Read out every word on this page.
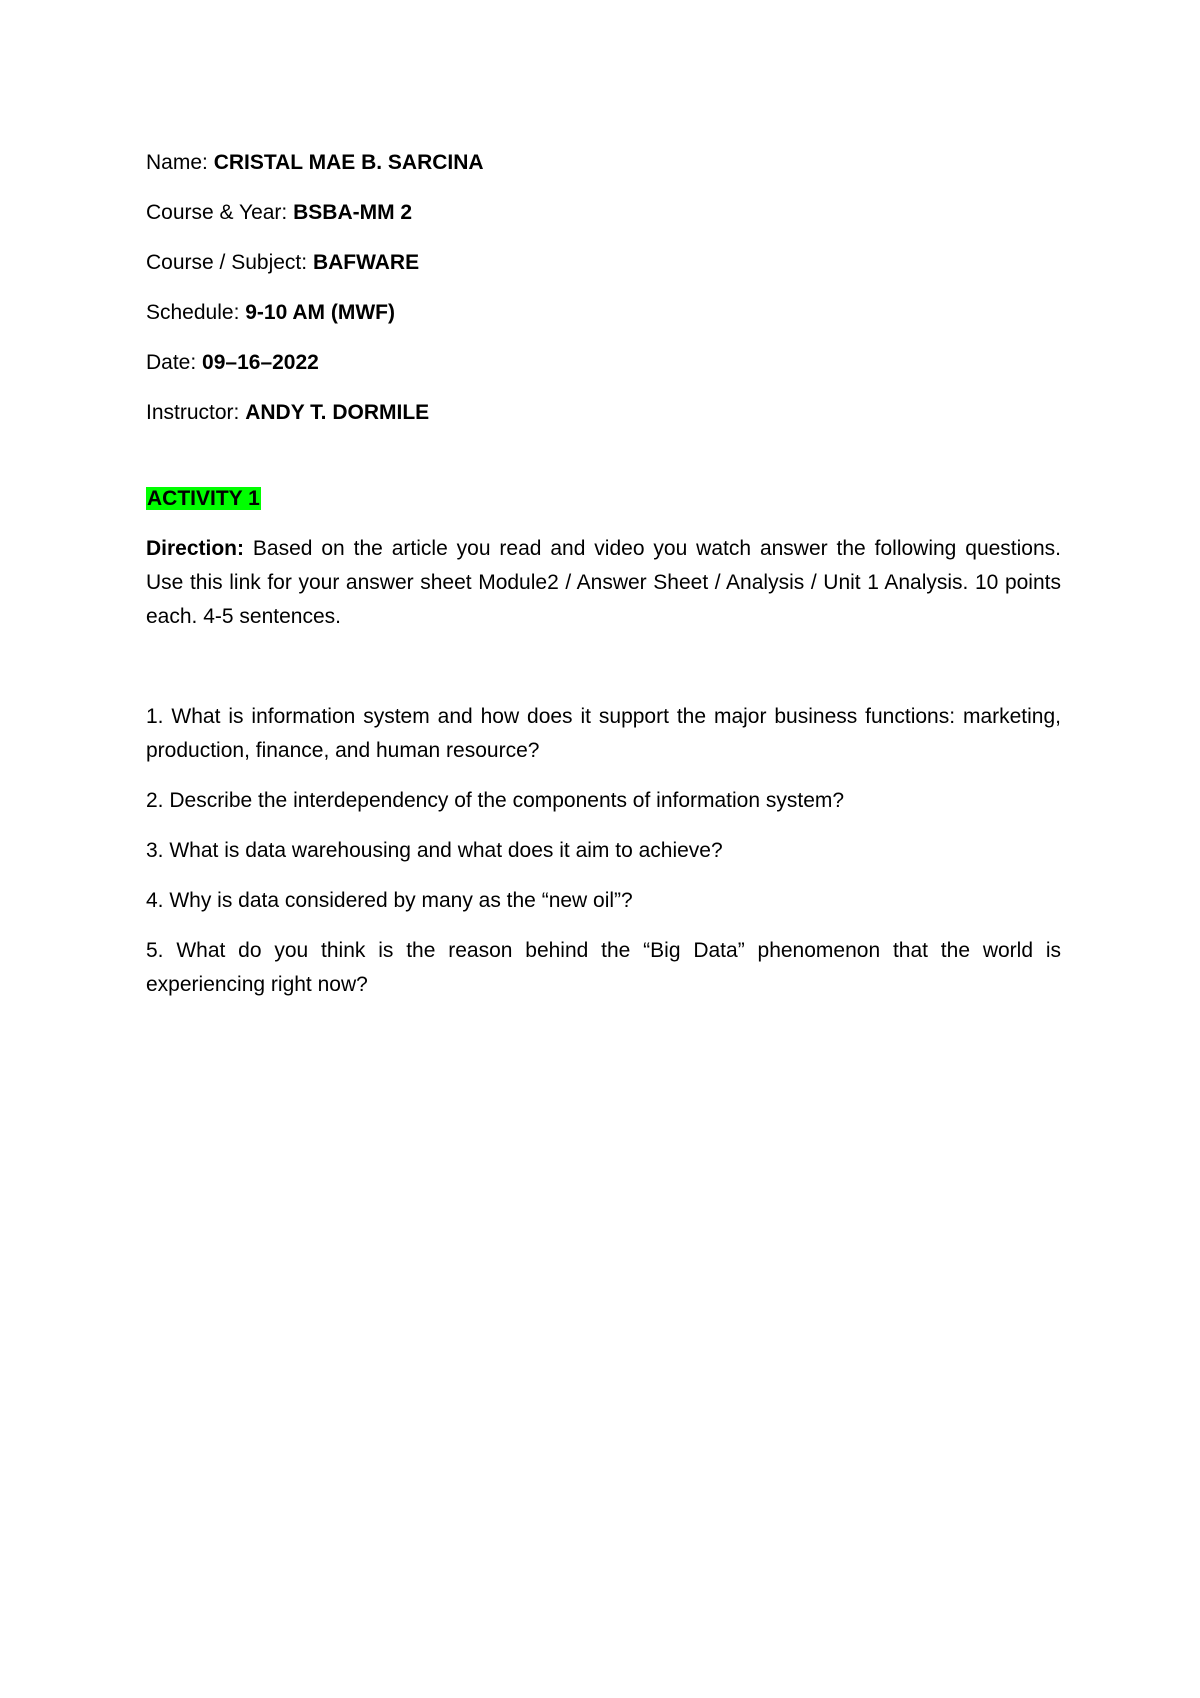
Name: CRISTAL MAE B. SARCINA
Course & Year: BSBA-MM 2
Course / Subject: BAFWARE
Schedule: 9-10 AM (MWF)
Date: 09–16–2022
Instructor: ANDY T. DORMILE
ACTIVITY 1

Direction: Based on the article you read and video you watch answer the following questions. Use this link for your answer sheet Module2 / Answer Sheet / Analysis / Unit 1 Analysis. 10 points each. 4-5 sentences.

1. What is information system and how does it support the major business functions: marketing, production, finance, and human resource?

2. Describe the interdependency of the components of information system?

3. What is data warehousing and what does it aim to achieve?

4. Why is data considered by many as the “new oil”?

5. What do you think is the reason behind the “Big Data” phenomenon that the world is experiencing right now?
